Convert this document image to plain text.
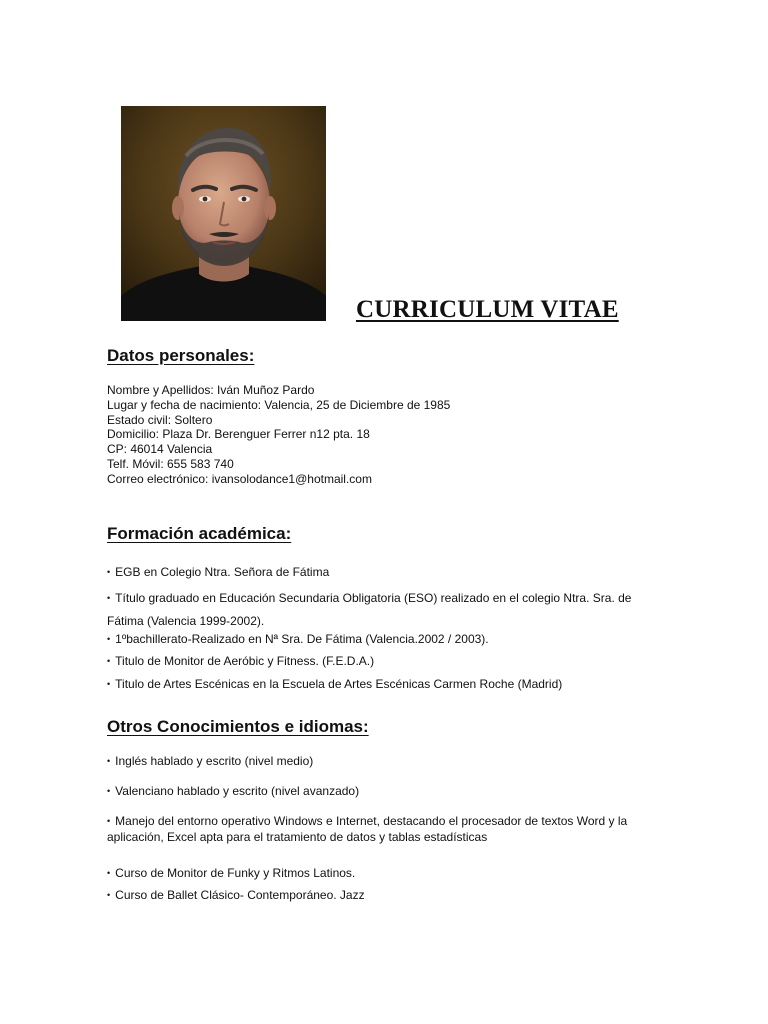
CURRICULUM VITAE
Datos personales:
Nombre y Apellidos: Iván Muñoz Pardo
Lugar y fecha de nacimiento: Valencia, 25 de Diciembre de 1985
Estado civil: Soltero
Domicilio: Plaza Dr. Berenguer Ferrer n12 pta. 18
CP: 46014 Valencia
Telf. Móvil: 655 583 740
Correo electrónico: ivansolodance1@hotmail.com
Formación académica:
• EGB en Colegio Ntra. Señora de Fátima
• Título graduado en Educación Secundaria Obligatoria (ESO) realizado en el colegio Ntra. Sra. de Fátima (Valencia 1999-2002).
• 1ºbachillerato-Realizado en Nª Sra. De Fátima (Valencia.2002 / 2003).
• Titulo de Monitor de Aeróbic y Fitness. (F.E.D.A.)
• Titulo de Artes Escénicas en la Escuela de Artes Escénicas Carmen Roche (Madrid)
Otros Conocimientos e idiomas:
• Inglés hablado y escrito (nivel medio)
• Valenciano hablado y escrito (nivel avanzado)
• Manejo del entorno operativo Windows e Internet, destacando el procesador de textos Word y la aplicación, Excel apta para el tratamiento de datos y tablas estadísticas
• Curso de Monitor de Funky y Ritmos Latinos.
• Curso de Ballet Clásico- Contemporáneo. Jazz
